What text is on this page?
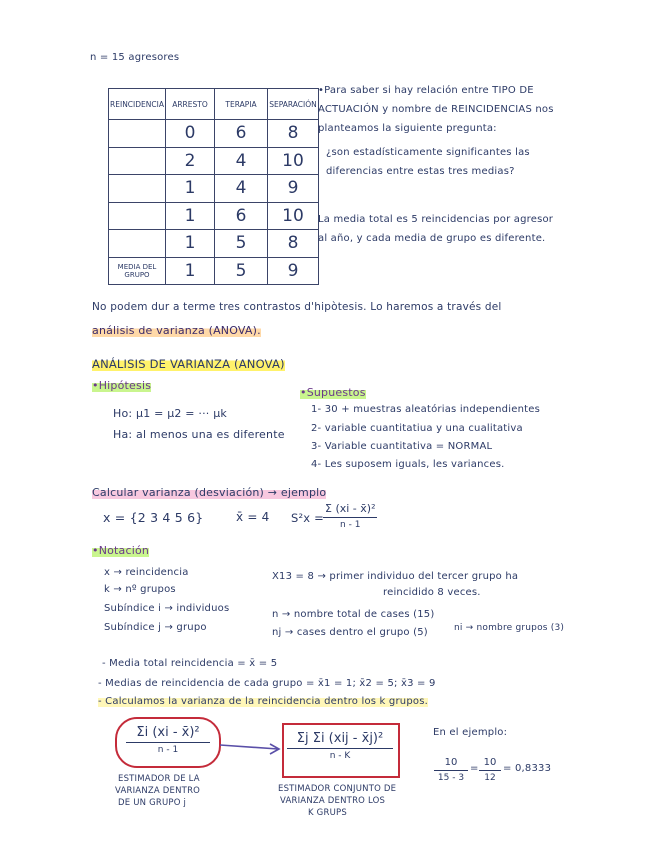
n = 15 agresores
REINCIDENCIA	ARRESTO	TERAPIA	SEPARACIÓN
	0	6	8
	2	4	10
	1	4	9
	1	6	10
	1	5	8
MEDIA DEL GRUPO	1	5	9
•Para saber si hay relación entre TIPO DE
ACTUACIÓN y nombre de REINCIDENCIAS nos
planteamos la siguiente pregunta:
¿son estadísticamente significantes las
diferencias entre estas tres medias?
La media total es 5 reincidencias por agresor
al año, y cada media de grupo es diferente.
No podem dur a terme tres contrastos d'hipòtesis. Lo haremos a través del
análisis de varianza (ANOVA).
ANÁLISIS DE VARIANZA (ANOVA)
•Hipótesis
Ho: μ1 = μ2 = ··· μk
Ha: al menos una es diferente
•Supuestos
1- 30 + muestras aleatórias independientes
2- variable cuantitatiua y una cualitativa
3- Variable cuantitativa = NORMAL
4- Les suposem iguals, les variances.
Calcular varianza (desviación) → ejemplo
x = {2 3 4 5 6}	x̄ = 4 S²x =
Σ (xi - x̄)²
n - 1
•Notación
x → reincidencia
k → nº grupos
Subíndice i → individuos
Subíndice j → grupo
X13 = 8 → primer individuo del tercer grupo ha
reincidido 8 veces.
n → nombre total de cases (15)
nj → cases dentro el grupo (5)	ni → nombre grupos (3)
- Media total reincidencia = x̄ = 5
- Medias de reincidencia de cada grupo = x̄1 = 1; x̄2 = 5; x̄3 = 9
- Calculamos la varianza de la reincidencia dentro los k grupos.
Σi (xi - x̄)²
n - 1
Σj Σi (xij - x̄j)²
n - K
ESTIMADOR DE LA
VARIANZA DENTRO
DE UN GRUPO j
ESTIMADOR CONJUNTO DE
VARIANZA DENTRO LOS
K GRUPS
En el ejemplo:
$\frac{10}{15 - 3} = \frac{10}{12} = 0,8333$
